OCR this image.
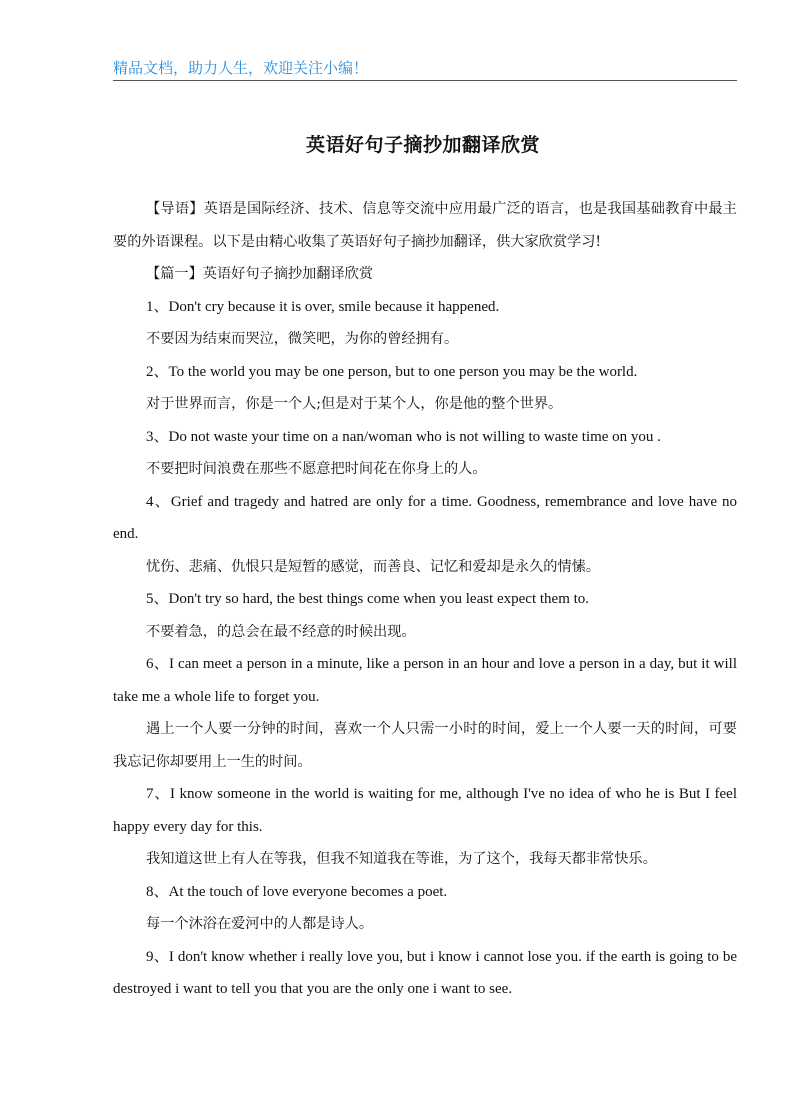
精品文档，助力人生，欢迎关注小编！
英语好句子摘抄加翻译欣赏

【导语】英语是国际经济、技术、信息等交流中应用最广泛的语言，也是我国基础教育中最主要的外语课程。以下是由精心收集了英语好句子摘抄加翻译，供大家欣赏学习!

【篇一】英语好句子摘抄加翻译欣赏

1、Don't cry because it is over, smile because it happened.

不要因为结束而哭泣，微笑吧，为你的曾经拥有。

2、To the world you may be one person, but to one person you may be the world.

对于世界而言，你是一个人;但是对于某个人，你是他的整个世界。

3、Do not waste your time on a nan/woman who is not willing to waste time on you .

不要把时间浪费在那些不愿意把时间花在你身上的人。

4、Grief and tragedy and hatred are only for a time. Goodness, remembrance and love have no end.

忧伤、悲痛、仇恨只是短暂的感觉，而善良、记忆和爱却是永久的情愫。

5、Don't try so hard, the best things come when you least expect them to.

不要着急，的总会在最不经意的时候出现。

6、I can meet a person in a minute, like a person in an hour and love a person in a day, but it will take me a whole life to forget you.

遇上一个人要一分钟的时间，喜欢一个人只需一小时的时间，爱上一个人要一天的时间，可要我忘记你却要用上一生的时间。

7、I know someone in the world is waiting for me, although I've no idea of who he is But I feel happy every day for this.

我知道这世上有人在等我，但我不知道我在等谁，为了这个，我每天都非常快乐。

8、At the touch of love everyone becomes a poet.

每一个沐浴在爱河中的人都是诗人。

9、I don't know whether i really love you, but i know i cannot lose you. if the earth is going to be destroyed i want to tell you that you are the only one i want to see.
